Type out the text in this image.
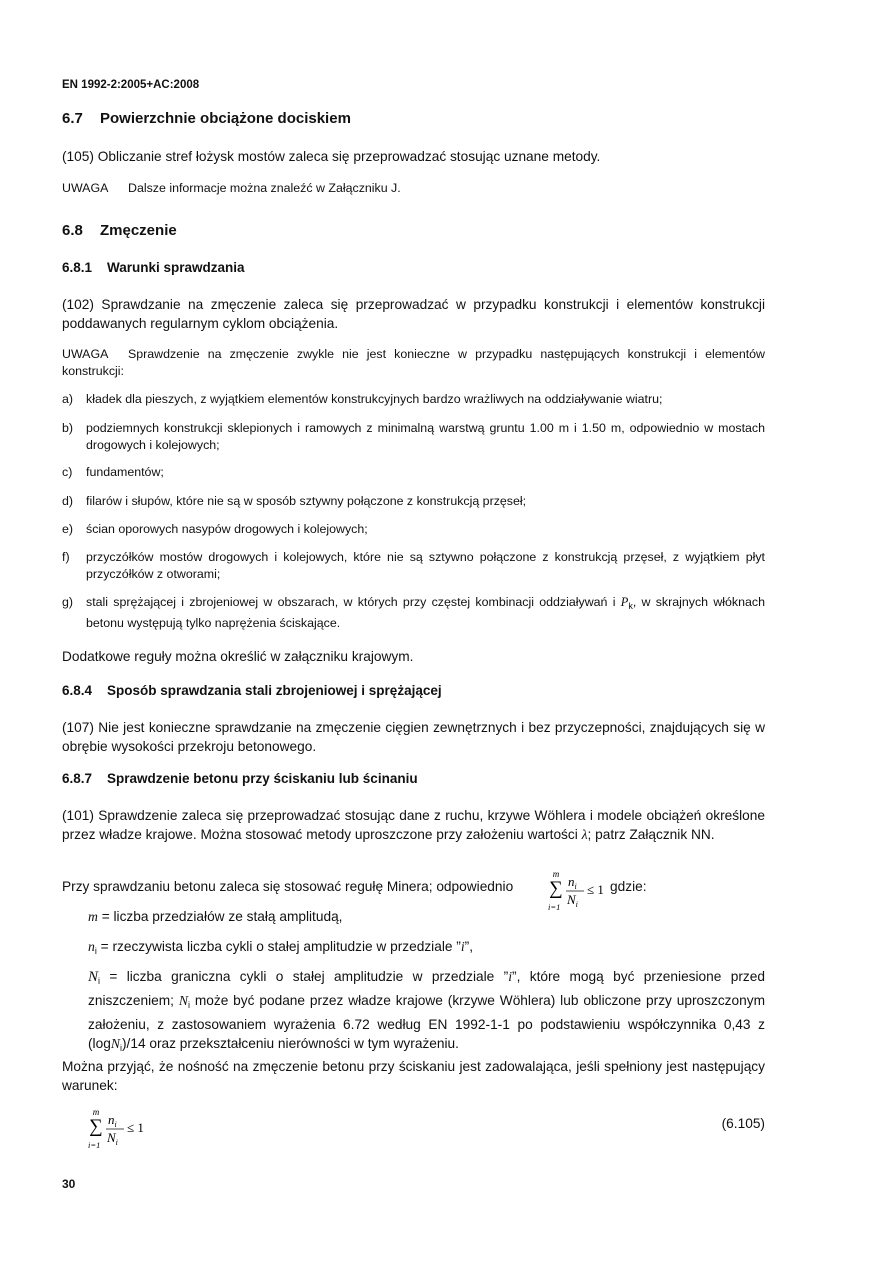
EN 1992-2:2005+AC:2008
6.7 Powierzchnie obciążone dociskiem
(105) Obliczanie stref łożysk mostów zaleca się przeprowadzać stosując uznane metody.
UWAGA Dalsze informacje można znaleźć w Załączniku J.
6.8 Zmęczenie
6.8.1 Warunki sprawdzania
(102) Sprawdzanie na zmęczenie zaleca się przeprowadzać w przypadku konstrukcji i elementów konstrukcji poddawanych regularnym cyklom obciążenia.
UWAGA Sprawdzenie na zmęczenie zwykle nie jest konieczne w przypadku następujących konstrukcji i elementów konstrukcji:
a) kładek dla pieszych, z wyjątkiem elementów konstrukcyjnych bardzo wrażliwych na oddziaływanie wiatru;
b) podziemnych konstrukcji sklepionych i ramowych z minimalną warstwą gruntu 1.00 m i 1.50 m, odpowiednio w mostach drogowych i kolejowych;
c) fundamentów;
d) filarów i słupów, które nie są w sposób sztywny połączone z konstrukcją przęseł;
e) ścian oporowych nasypów drogowych i kolejowych;
f) przyczółków mostów drogowych i kolejowych, które nie są sztywno połączone z konstrukcją przęseł, z wyjątkiem płyt przyczółków z otworami;
g) stali sprężającej i zbrojeniowej w obszarach, w których przy częstej kombinacji oddziaływań i $P_k$, w skrajnych włóknach betonu występują tylko naprężenia ściskające.
Dodatkowe reguły można określić w załączniku krajowym.
6.8.4 Sposób sprawdzania stali zbrojeniowej i sprężającej
(107) Nie jest konieczne sprawdzanie na zmęczenie cięgien zewnętrznych i bez przyczepności, znajdujących się w obrębie wysokości przekroju betonowego.
6.8.7 Sprawdzenie betonu przy ściskaniu lub ścinaniu
(101) Sprawdzenie zaleca się przeprowadzać stosując dane z ruchu, krzywe Wöhlera i modele obciążeń określone przez władze krajowe. Można stosować metody uproszczone przy założeniu wartości λ; patrz Załącznik NN.
Przy sprawdzaniu betonu zaleca się stosować regułę Minera; odpowiednio
m
∑
i=1
$n_i$
$N_i$
≤ 1 gdzie:
m = liczba przedziałów ze stałą amplitudą,
$n_i$ = rzeczywista liczba cykli o stałej amplitudzie w przedziale ”i”,
$N_i$ = liczba graniczna cykli o stałej amplitudzie w przedziale ”i”, które mogą być przeniesione przed zniszczeniem; $N_i$ może być podane przez władze krajowe (krzywe Wöhlera) lub obliczone przy uproszczonym założeniu, z zastosowaniem wyrażenia 6.72 według EN 1992-1-1 po podstawieniu współczynnika 0,43 z (logN$_i$)/14 oraz przekształceniu nierówności w tym wyrażeniu.
Można przyjąć, że nośność na zmęczenie betonu przy ściskaniu jest zadowalająca, jeśli spełniony jest następujący warunek:
m
∑
i=1
$n_i$
$N_i$
≤ 1	(6.105)
30
